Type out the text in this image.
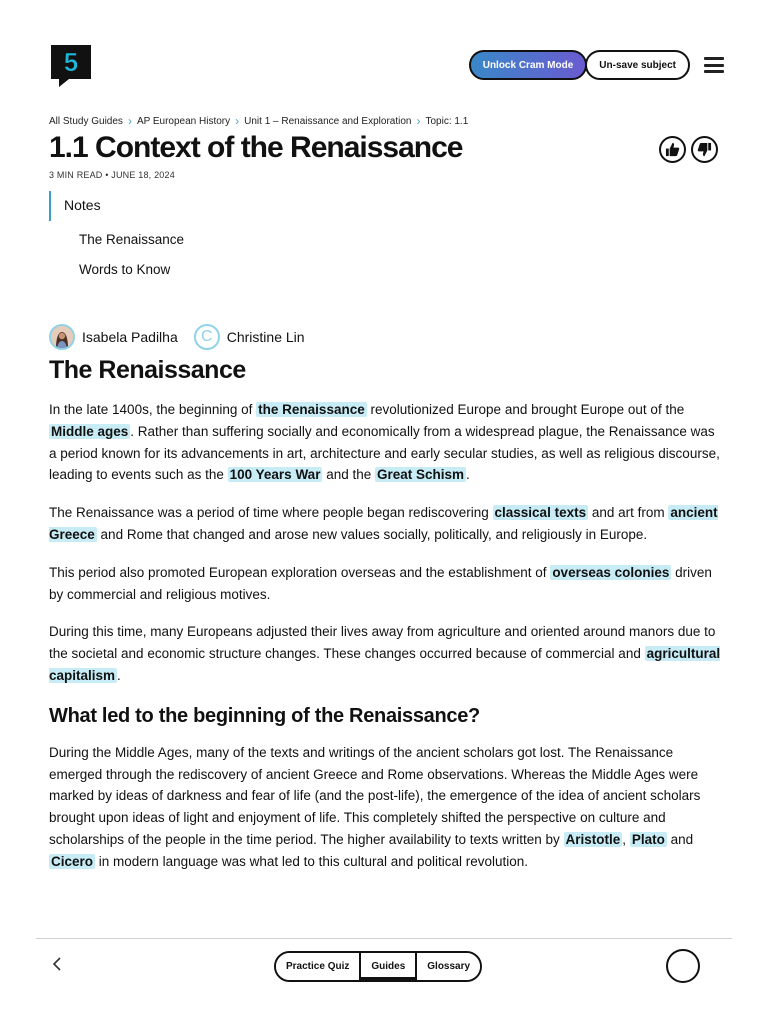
5	Unlock Cram Mode	Un-save subject
All Study Guides › AP European History › Unit 1 – Renaissance and Exploration › Topic: 1.1
1.1 Context of the Renaissance
3 MIN READ • JUNE 18, 2024
Notes
The Renaissance
Words to Know
Isabela Padilha C Christine Lin
The Renaissance

In the late 1400s, the beginning of the Renaissance revolutionized Europe and brought Europe out of the Middle ages . Rather than suffering socially and economically from a widespread plague, the Renaissance was a period known for its advancements in art, architecture and early secular studies, as well as religious discourse, leading to events such as the 100 Years War and the Great Schism .

The Renaissance was a period of time where people began rediscovering classical texts and art from ancient Greece and Rome that changed and arose new values socially, politically, and religiously in Europe.

This period also promoted European exploration overseas and the establishment of overseas colonies driven by commercial and religious motives.

During this time, many Europeans adjusted their lives away from agriculture and oriented around manors due to the societal and economic structure changes. These changes occurred because of commercial and agricultural capitalism .

What led to the beginning of the Renaissance?

During the Middle Ages, many of the texts and writings of the ancient scholars got lost. The Renaissance emerged through the rediscovery of ancient Greece and Rome observations. Whereas the Middle Ages were marked by ideas of darkness and fear of life (and the post-life), the emergence of the idea of ancient scholars brought upon ideas of light and enjoyment of life. This completely shifted the perspective on culture and scholarships of the people in the time period. The higher availability to texts written by Aristotle , Plato and Cicero in modern language was what led to this cultural and political revolution.

Practice Quiz	Guides	Glossary
